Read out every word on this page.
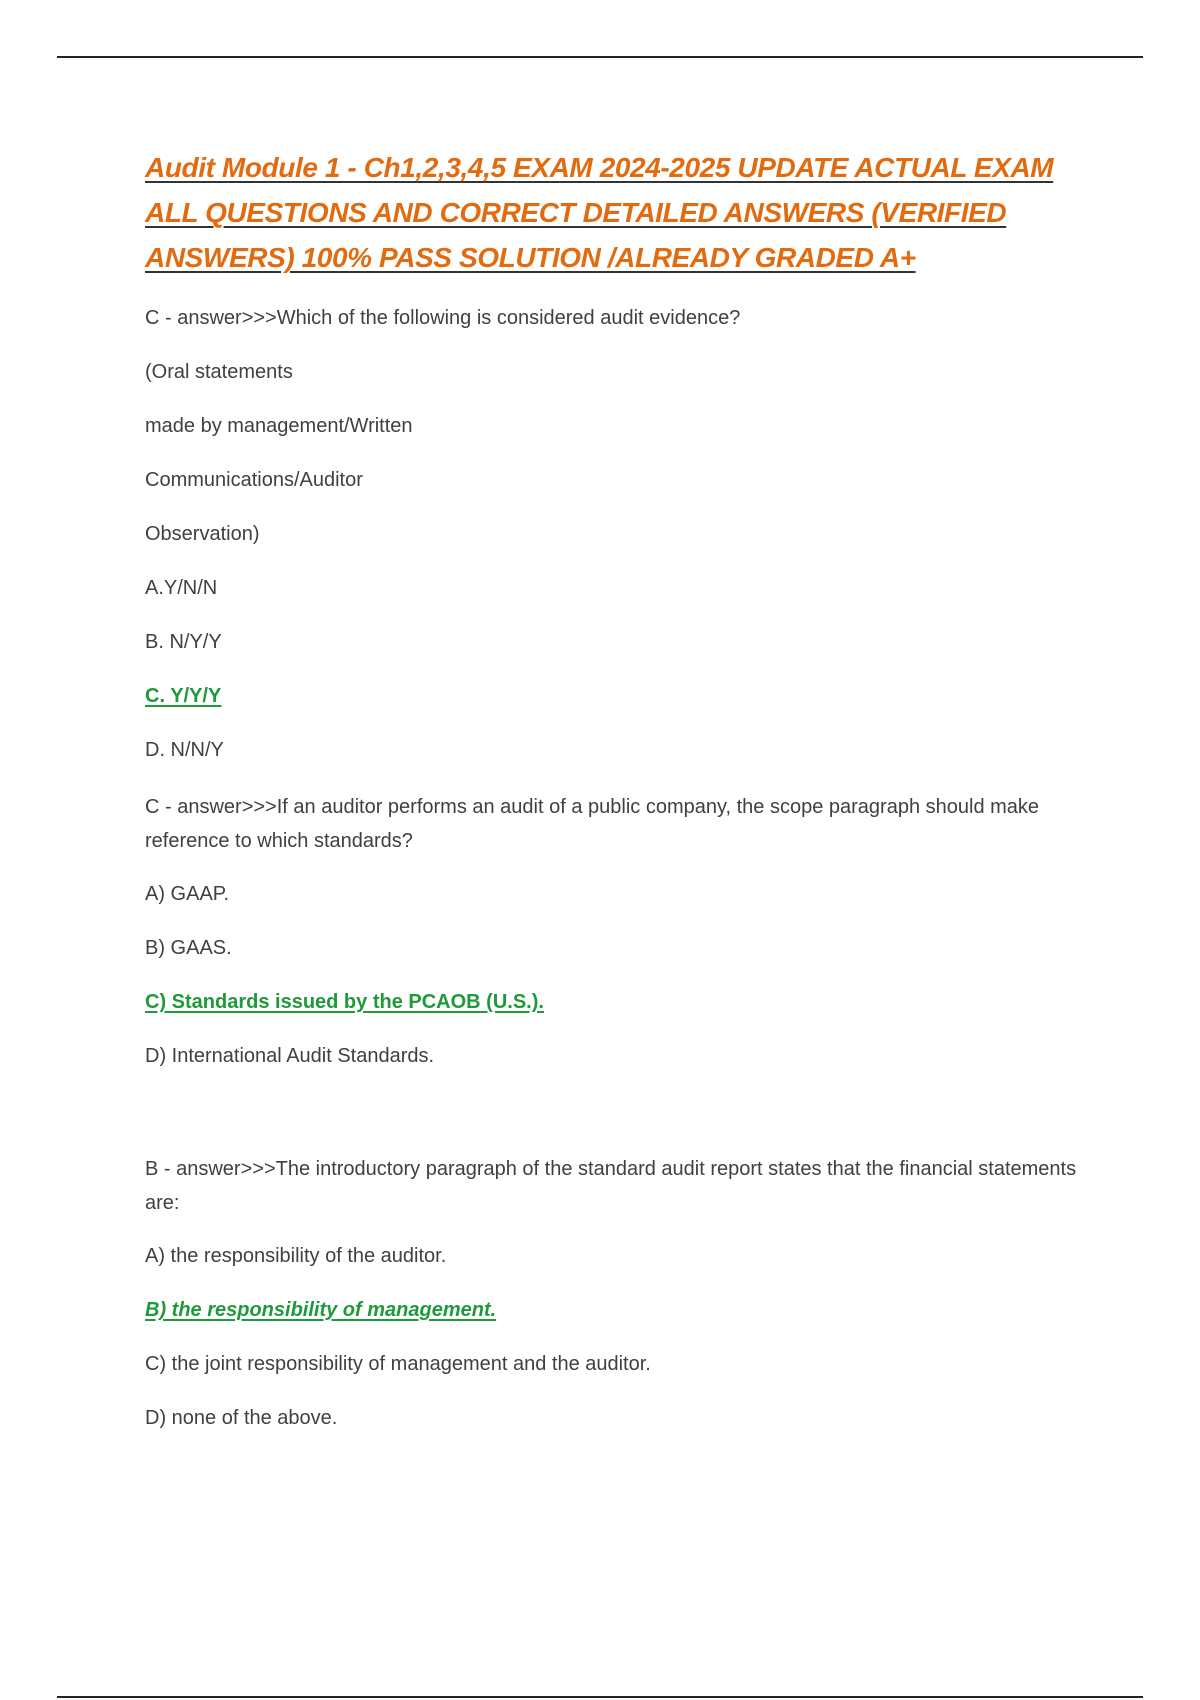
Audit Module 1 - Ch1,2,3,4,5 EXAM 2024-2025 UPDATE ACTUAL EXAM ALL QUESTIONS AND CORRECT DETAILED ANSWERS (VERIFIED ANSWERS) 100% PASS SOLUTION /ALREADY GRADED A+

C - answer>>>Which of the following is considered audit evidence?

(Oral statements

made by management/Written

Communications/Auditor

Observation)

A.Y/N/N

B. N/Y/Y

C. Y/Y/Y

D. N/N/Y

C - answer>>>If an auditor performs an audit of a public company, the scope paragraph should make reference to which standards?

A) GAAP.

B) GAAS.

C) Standards issued by the PCAOB (U.S.).

D) International Audit Standards.

B - answer>>>The introductory paragraph of the standard audit report states that the financial statements are:

A) the responsibility of the auditor.

B) the responsibility of management.

C) the joint responsibility of management and the auditor.

D) none of the above.
